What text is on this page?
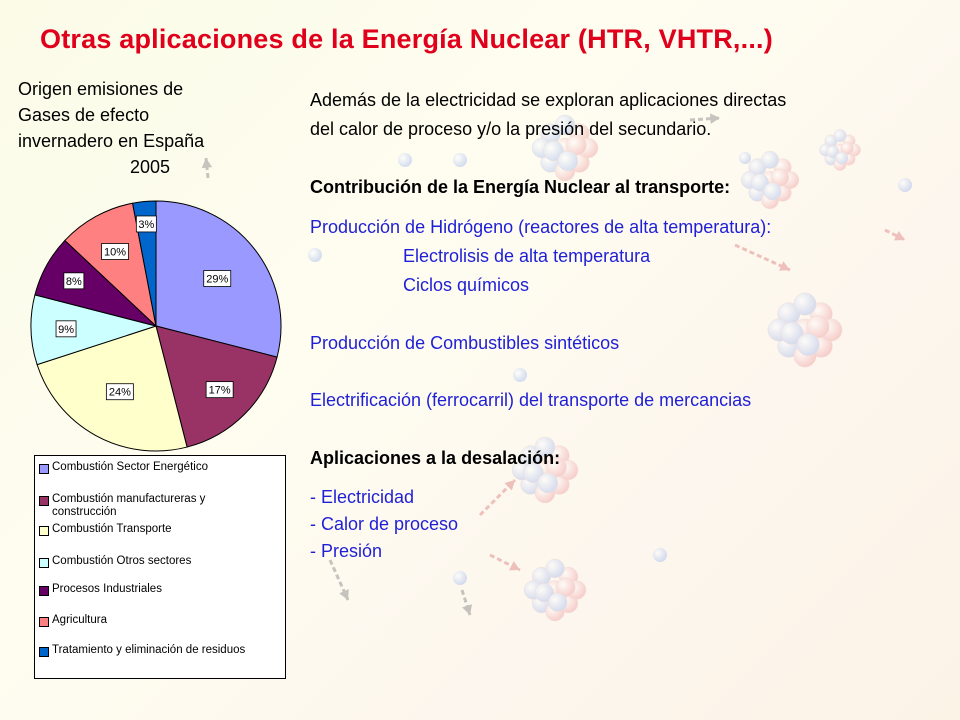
Otras aplicaciones de la Energía Nuclear (HTR, VHTR,...)
Origen emisiones de
Gases de efecto
invernadero en España
2005
29%
17%
24%
9%
8%
10%
3%
Combustión Sector Energético
Combustión manufactureras y
construcción
Combustión Transporte
Combustión Otros sectores
Procesos Industriales
Agricultura
Tratamiento y eliminación de residuos
Además de la electricidad se exploran aplicaciones directas
del calor de proceso y/o la presión del secundario.
Contribución de la Energía Nuclear al transporte:
Producción de Hidrógeno (reactores de alta temperatura):
Electrolisis de alta temperatura
Ciclos químicos
Producción de Combustibles sintéticos
Electrificación (ferrocarril) del transporte de mercancias
Aplicaciones a la desalación:
- Electricidad
- Calor de proceso
- Presión
